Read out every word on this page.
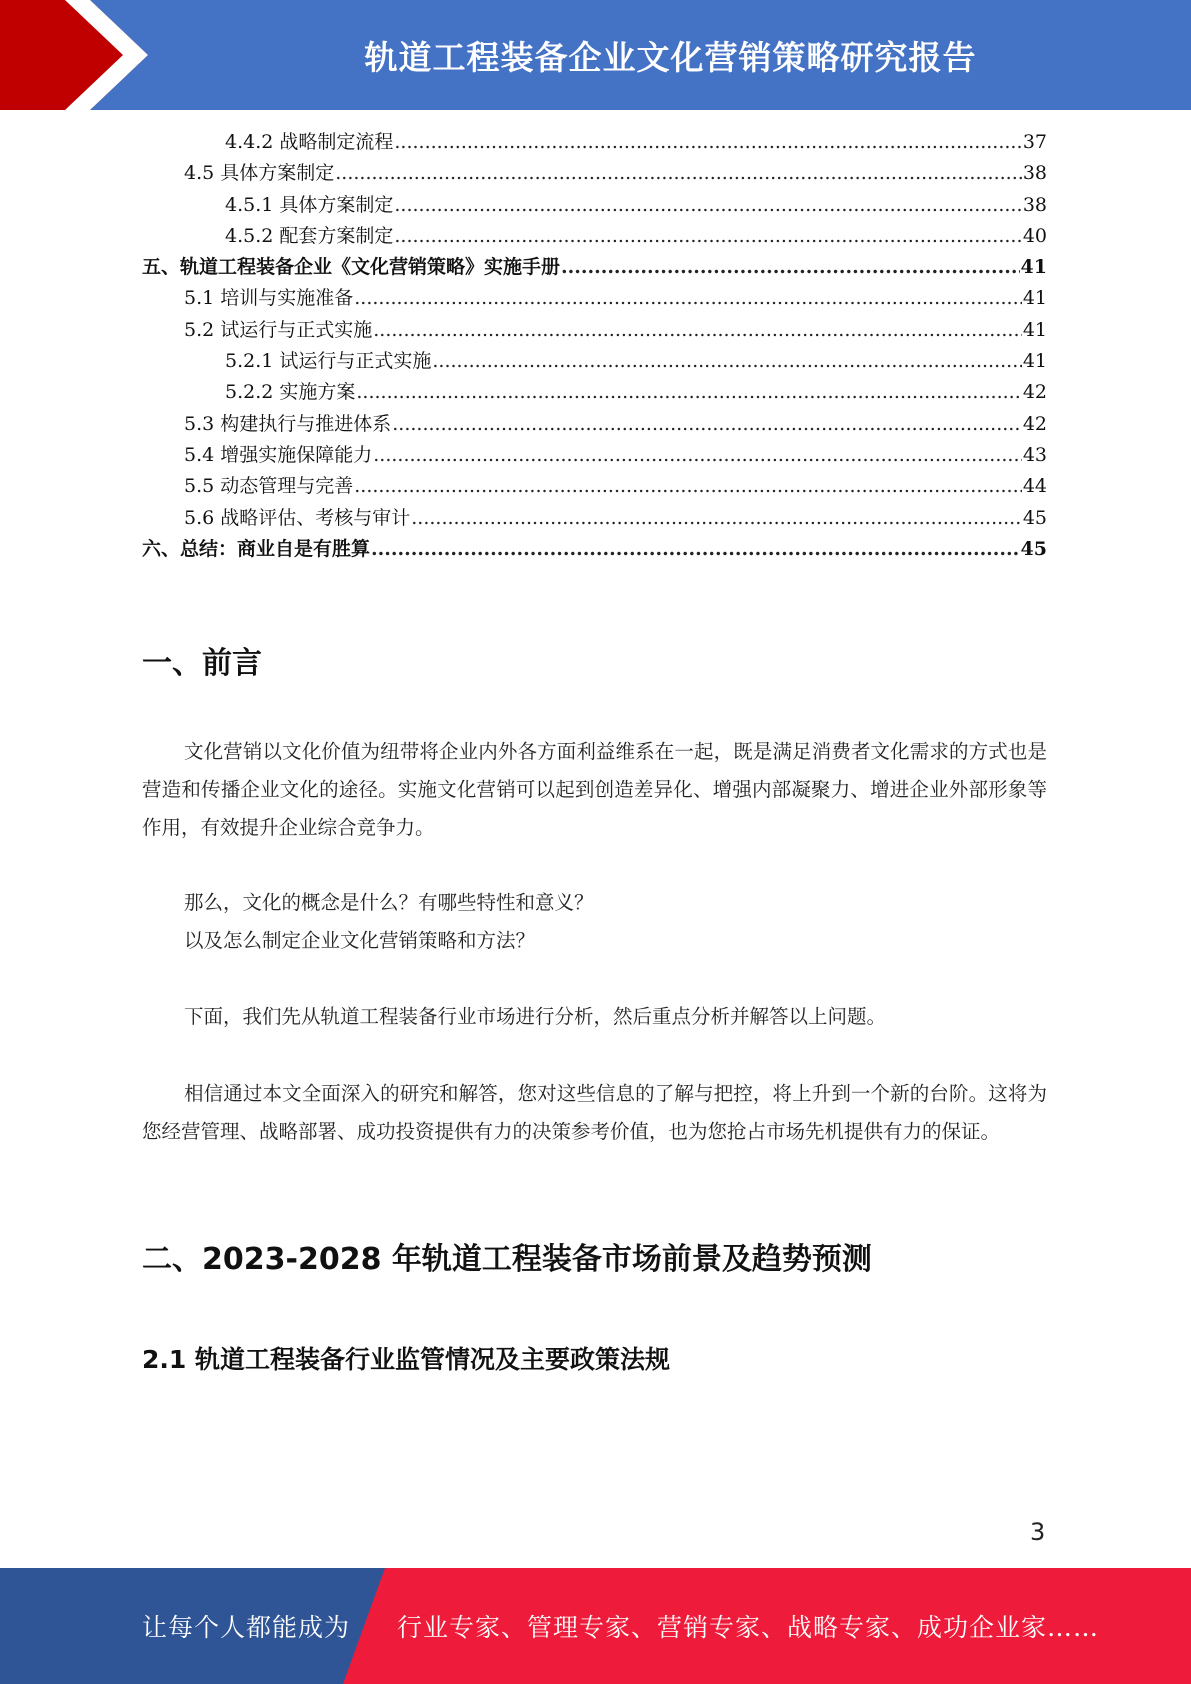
轨道工程装备企业文化营销策略研究报告
4.4.2 战略制定流程 .....	37
4.5 具体方案制定 .....	38
4.5.1 具体方案制定 .....	38
4.5.2 配套方案制定 .....	40
五、轨道工程装备企业《文化营销策略》实施手册 .....	41
5.1 培训与实施准备 .....	41
5.2 试运行与正式实施 .....	41
5.2.1 试运行与正式实施 .....	41
5.2.2 实施方案 .....	42
5.3 构建执行与推进体系 .....	42
5.4 增强实施保障能力 .....	43
5.5 动态管理与完善 .....	44
5.6 战略评估、考核与审计 .....	45
六、总结：商业自是有胜算 .....	45
一、前言
文化营销以文化价值为纽带将企业内外各方面利益维系在一起，既是满足消费者文化需求的方式也是营造和传播企业文化的途径。实施文化营销可以起到创造差异化、增强内部凝聚力、增进企业外部形象等作用，有效提升企业综合竞争力。
那么，文化的概念是什么？有哪些特性和意义？
以及怎么制定企业文化营销策略和方法？
下面，我们先从轨道工程装备行业市场进行分析，然后重点分析并解答以上问题。
相信通过本文全面深入的研究和解答，您对这些信息的了解与把控，将上升到一个新的台阶。这将为您经营管理、战略部署、成功投资提供有力的决策参考价值，也为您抢占市场先机提供有力的保证。
二、2023-2028 年轨道工程装备市场前景及趋势预测
2.1 轨道工程装备行业监管情况及主要政策法规
3
让每个人都能成为 行业专家、管理专家、营销专家、战略专家、成功企业家……
